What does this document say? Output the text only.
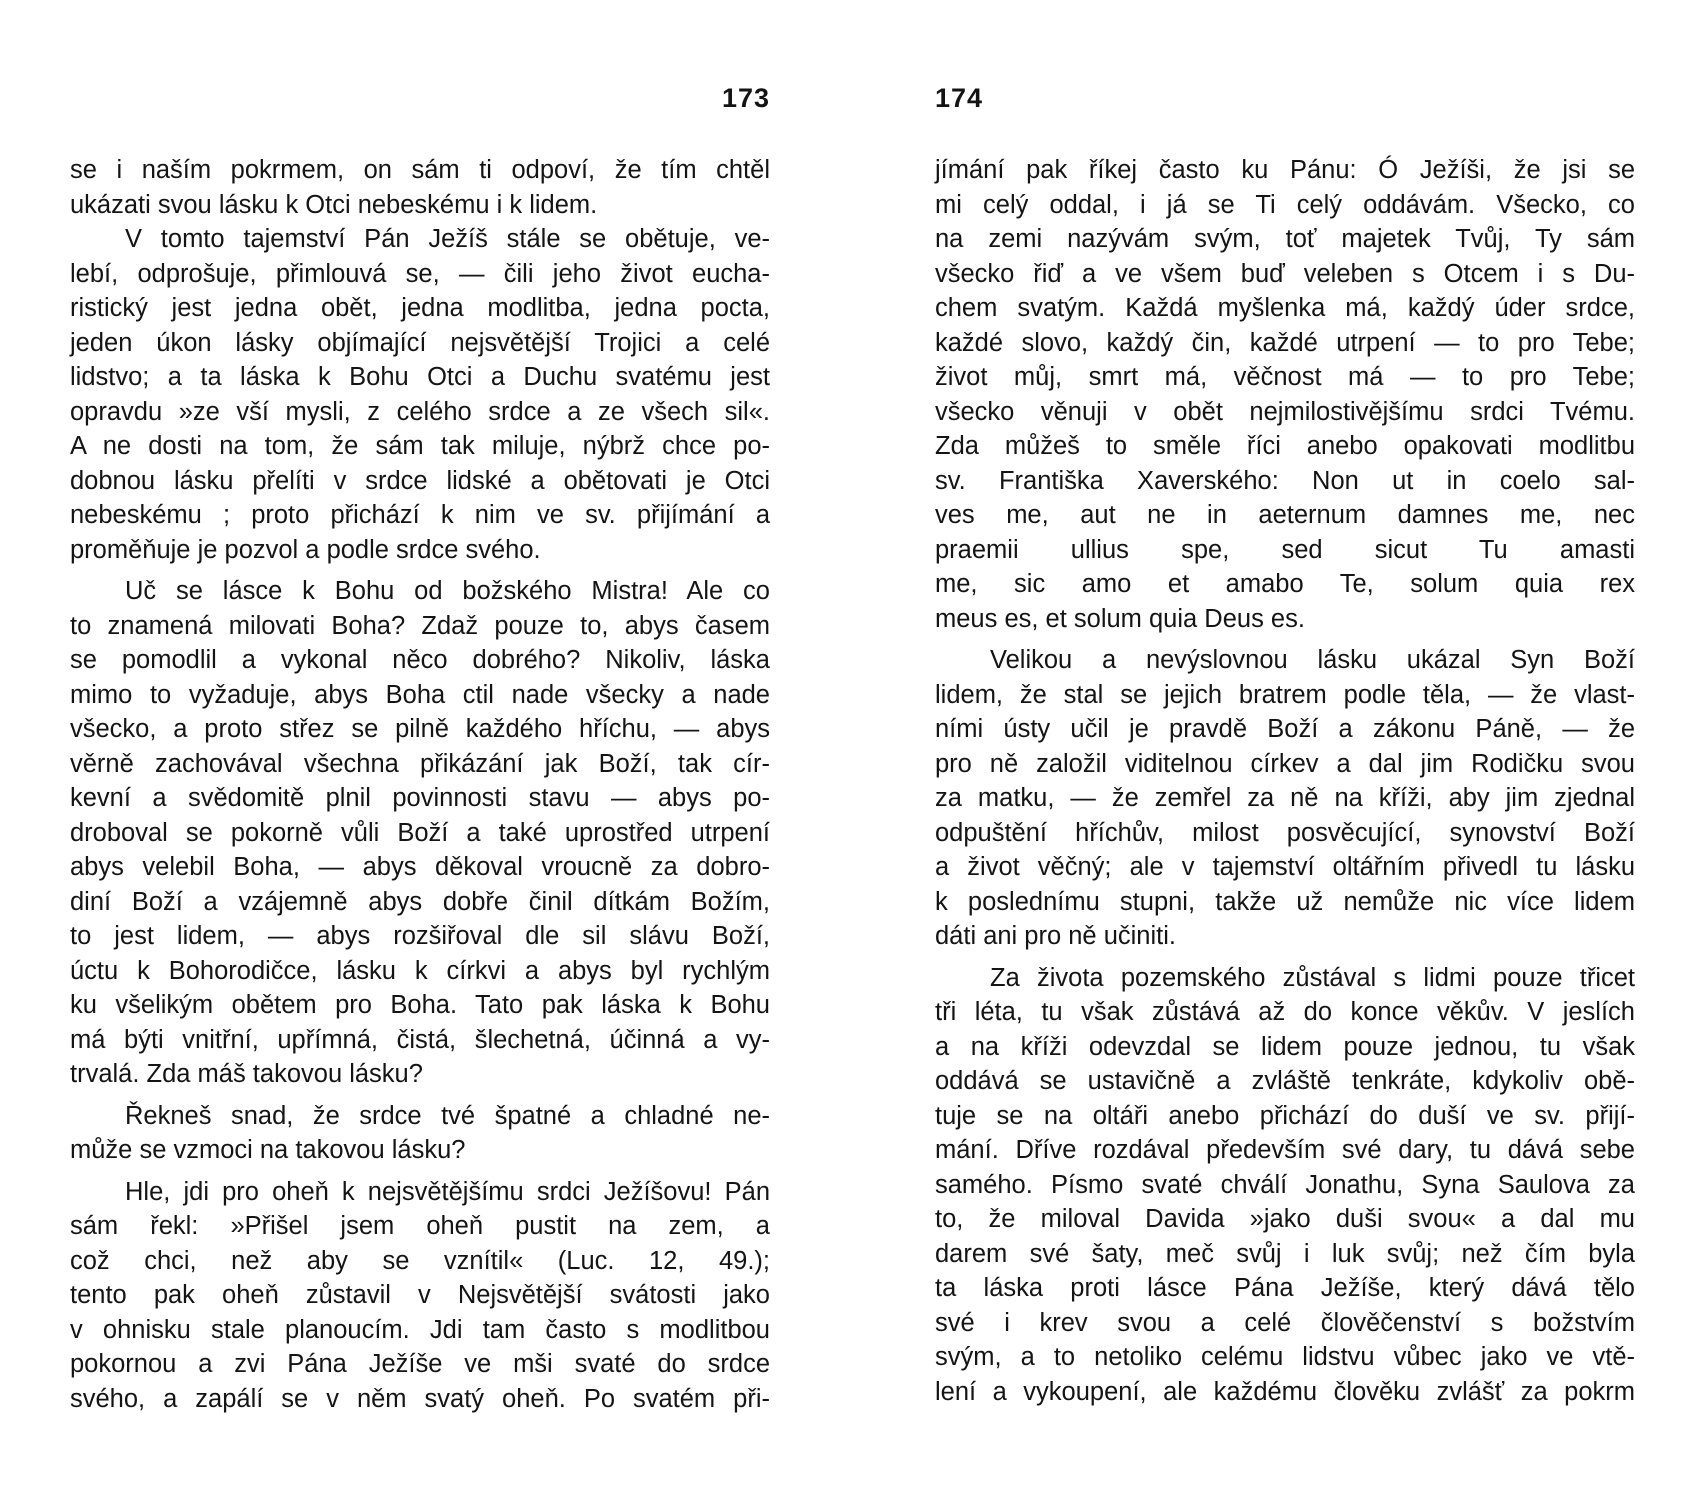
173
se i naším pokrmem, on sám ti odpoví, že tím chtěl
ukázati svou lásku k Otci nebeskému i k lidem.
V tomto tajemství Pán Ježíš stále se obětuje, ve-
lebí, odprošuje, přimlouvá se, — čili jeho život eucha-
ristický jest jedna obět, jedna modlitba, jedna pocta,
jeden úkon lásky objímající nejsvětější Trojici a celé
lidstvo; a ta láska k Bohu Otci a Duchu svatému jest
opravdu »ze vší mysli, z celého srdce a ze všech sil«.
A ne dosti na tom, že sám tak miluje, nýbrž chce po-
dobnou lásku přelíti v srdce lidské a obětovati je Otci
nebeskému ; proto přichází k nim ve sv. přijímání a
proměňuje je pozvol a podle srdce svého.
Uč se lásce k Bohu od božského Mistra! Ale co
to znamená milovati Boha? Zdaž pouze to, abys časem
se pomodlil a vykonal něco dobrého? Nikoliv, láska
mimo to vyžaduje, abys Boha ctil nade všecky a nade
všecko, a proto střez se pilně každého hříchu, — abys
věrně zachovával všechna přikázání jak Boží, tak cír-
kevní a svědomitě plnil povinnosti stavu — abys po-
droboval se pokorně vůli Boží a také uprostřed utrpení
abys velebil Boha, — abys děkoval vroucně za dobro-
diní Boží a vzájemně abys dobře činil dítkám Božím,
to jest lidem, — abys rozšiřoval dle sil slávu Boží,
úctu k Bohorodičce, lásku k církvi a abys byl rychlým
ku všelikým obětem pro Boha. Tato pak láska k Bohu
má býti vnitřní, upřímná, čistá, šlechetná, účinná a vy-
trvalá. Zda máš takovou lásku?
Řekneš snad, že srdce tvé špatné a chladné ne-
může se vzmoci na takovou lásku?
Hle, jdi pro oheň k nejsvětějšímu srdci Ježíšovu! Pán
sám řekl: »Přišel jsem oheň pustit na zem, a
což chci, než aby se vznítil« (Luc. 12, 49.);
tento pak oheň zůstavil v Nejsvětější svátosti jako
v ohnisku stale planoucím. Jdi tam často s modlitbou
pokornou a zvi Pána Ježíše ve mši svaté do srdce
svého, a zapálí se v něm svatý oheň. Po svatém při-
174
jímání pak říkej často ku Pánu: Ó Ježíši, že jsi se
mi celý oddal, i já se Ti celý oddávám. Všecko, co
na zemi nazývám svým, toť majetek Tvůj, Ty sám
všecko řiď a ve všem buď veleben s Otcem i s Du-
chem svatým. Každá myšlenka má, každý úder srdce,
každé slovo, každý čin, každé utrpení — to pro Tebe;
život můj, smrt má, věčnost má — to pro Tebe;
všecko věnuji v obět nejmilostivějšímu srdci Tvému.
Zda můžeš to směle říci anebo opakovati modlitbu
sv. Františka Xaverského: Non ut in coelo sal-
ves me, aut ne in aeternum damnes me, nec
praemii ullius spe, sed sicut Tu amasti
me, sic amo et amabo Te, solum quia rex
meus es, et solum quia Deus es.
Velikou a nevýslovnou lásku ukázal Syn Boží
lidem, že stal se jejich bratrem podle těla, — že vlast-
ními ústy učil je pravdě Boží a zákonu Páně, — že
pro ně založil viditelnou církev a dal jim Rodičku svou
za matku, — že zemřel za ně na kříži, aby jim zjednal
odpuštění hříchův, milost posvěcující, synovství Boží
a život věčný; ale v tajemství oltářním přivedl tu lásku
k poslednímu stupni, takže už nemůže nic více lidem
dáti ani pro ně učiniti.
Za života pozemského zůstával s lidmi pouze třicet
tři léta, tu však zůstává až do konce věkův. V jeslích
a na kříži odevzdal se lidem pouze jednou, tu však
oddává se ustavičně a zvláště tenkráte, kdykoliv obě-
tuje se na oltáři anebo přichází do duší ve sv. přijí-
mání. Dříve rozdával především své dary, tu dává sebe
samého. Písmo svaté chválí Jonathu, Syna Saulova za
to, že miloval Davida »jako duši svou« a dal mu
darem své šaty, meč svůj i luk svůj; než čím byla
ta láska proti lásce Pána Ježíše, který dává tělo
své i krev svou a celé člověčenství s božstvím
svým, a to netoliko celému lidstvu vůbec jako ve vtě-
lení a vykoupení, ale každému člověku zvlášť za pokrm
